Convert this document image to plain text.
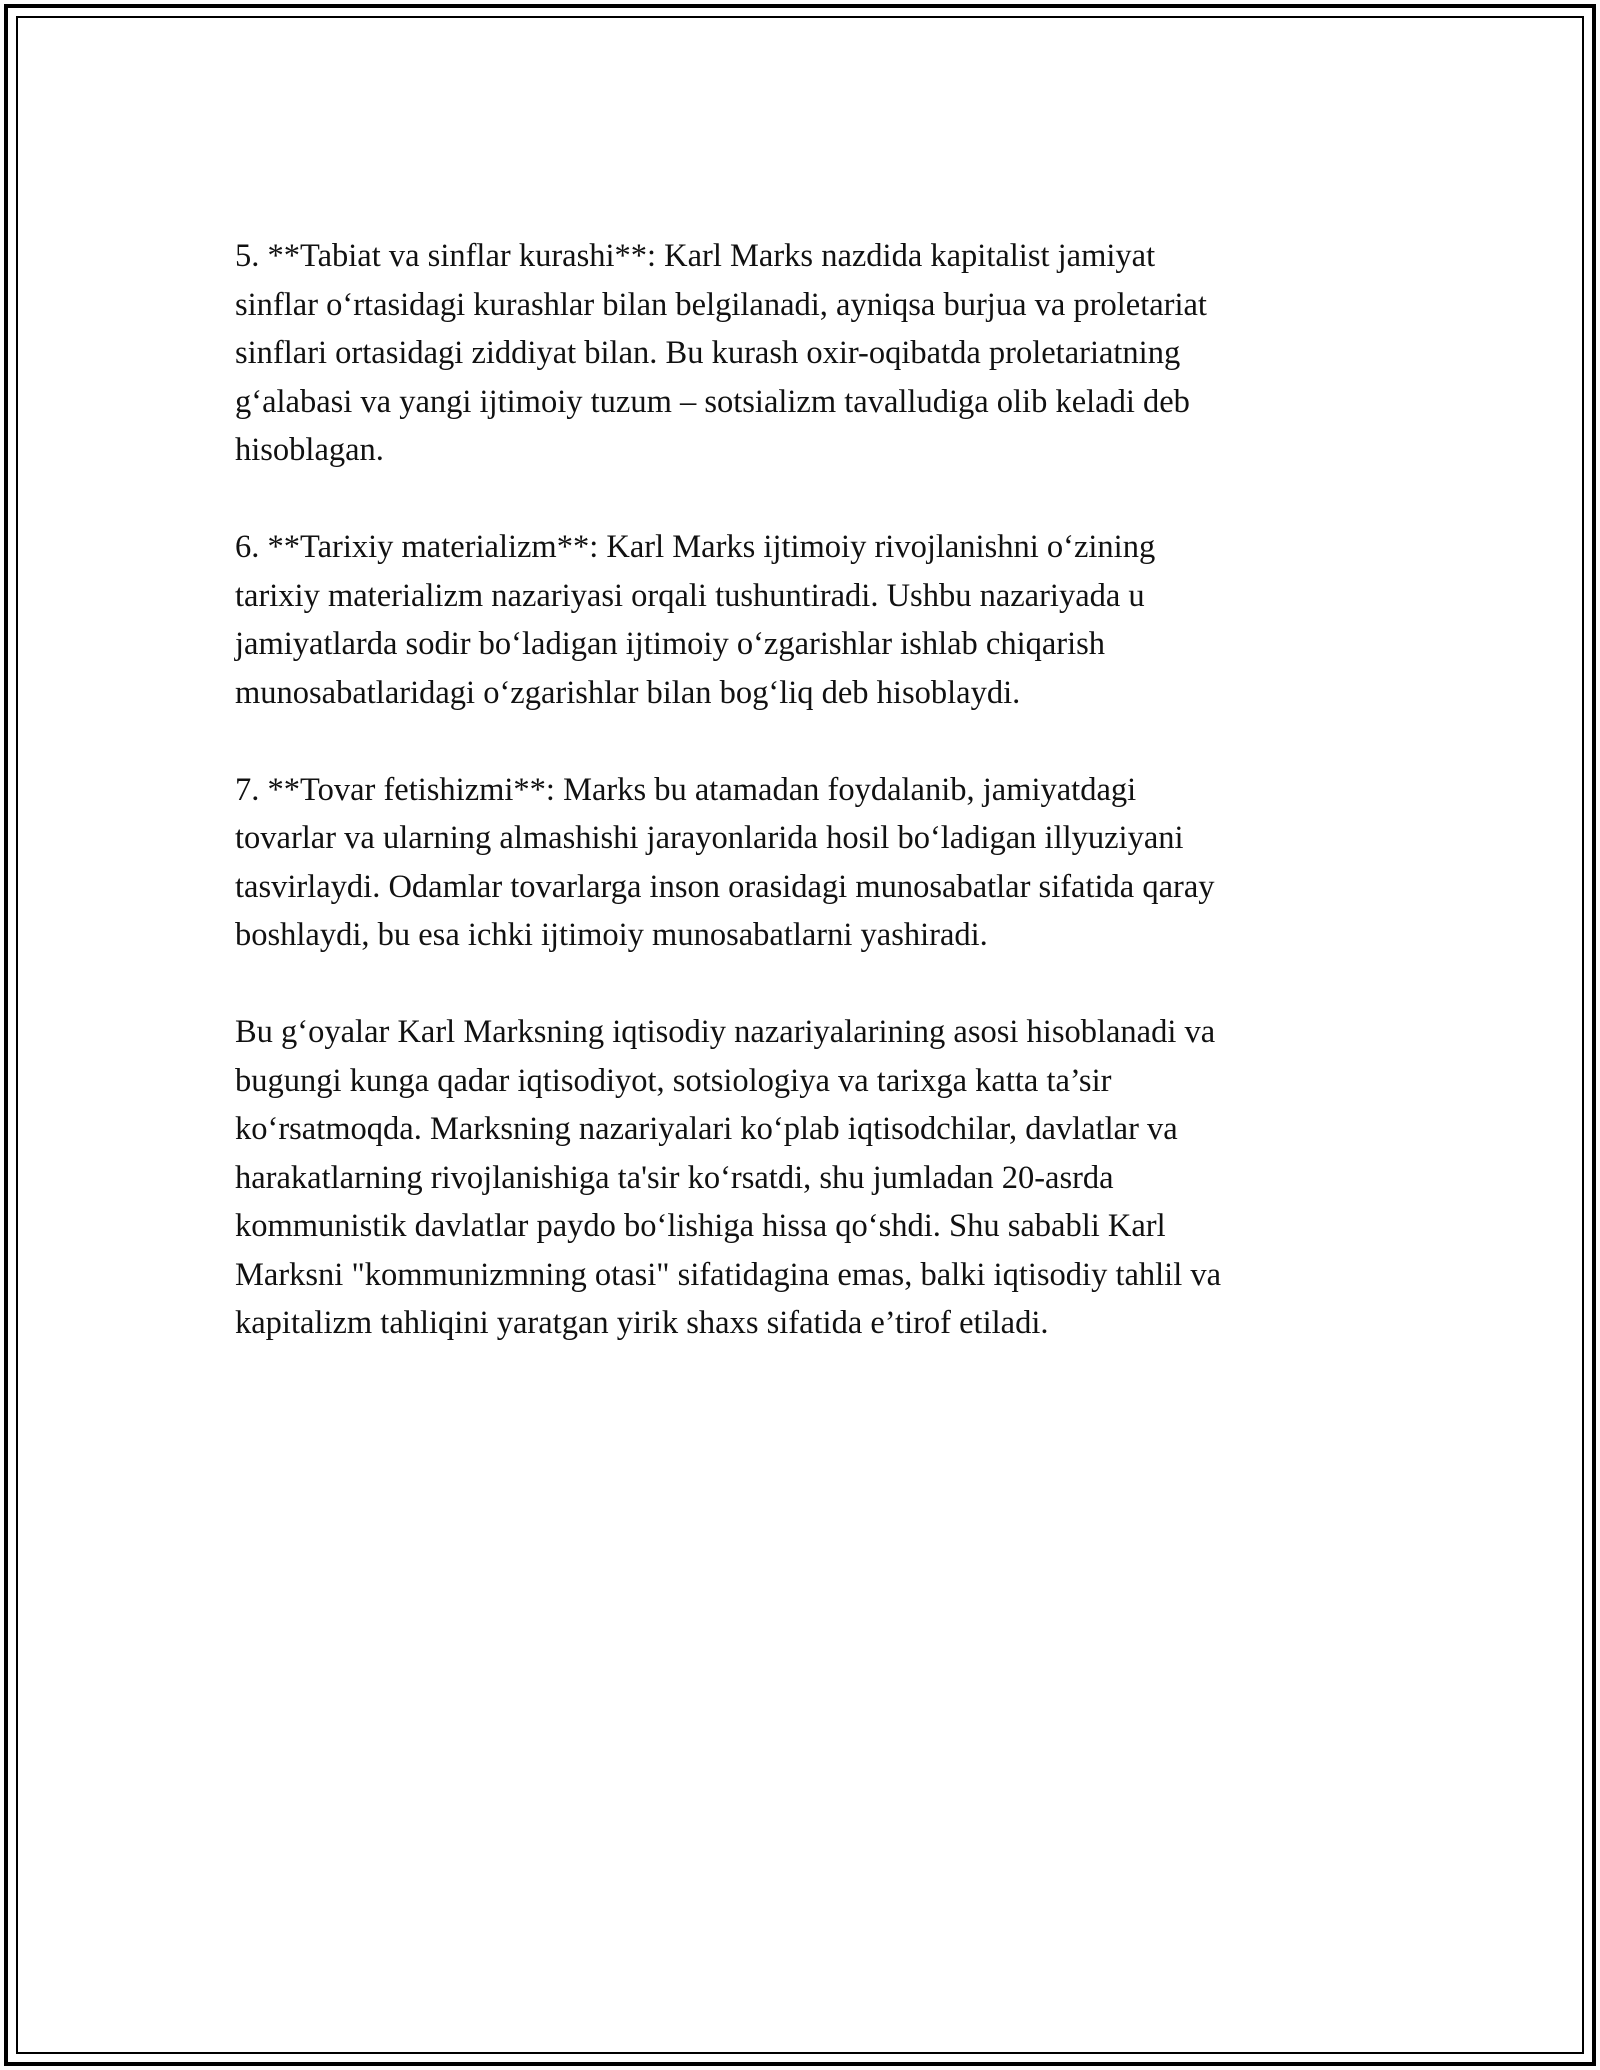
5. **Tabiat va sinflar kurashi**: Karl Marks nazdida kapitalist jamiyat
sinflar o‘rtasidagi kurashlar bilan belgilanadi, ayniqsa burjua va proletariat
sinflari ortasidagi ziddiyat bilan. Bu kurash oxir-oqibatda proletariatning
g‘alabasi va yangi ijtimoiy tuzum – sotsializm tavalludiga olib keladi deb
hisoblagan.

6. **Tarixiy materializm**: Karl Marks ijtimoiy rivojlanishni o‘zining
tarixiy materializm nazariyasi orqali tushuntiradi. Ushbu nazariyada u
jamiyatlarda sodir bo‘ladigan ijtimoiy o‘zgarishlar ishlab chiqarish
munosabatlaridagi o‘zgarishlar bilan bog‘liq deb hisoblaydi.

7. **Tovar fetishizmi**: Marks bu atamadan foydalanib, jamiyatdagi
tovarlar va ularning almashishi jarayonlarida hosil bo‘ladigan illyuziyani
tasvirlaydi. Odamlar tovarlarga inson orasidagi munosabatlar sifatida qaray
boshlaydi, bu esa ichki ijtimoiy munosabatlarni yashiradi.

Bu g‘oyalar Karl Marksning iqtisodiy nazariyalarining asosi hisoblanadi va
bugungi kunga qadar iqtisodiyot, sotsiologiya va tarixga katta ta’sir
ko‘rsatmoqda. Marksning nazariyalari ko‘plab iqtisodchilar, davlatlar va
harakatlarning rivojlanishiga ta'sir ko‘rsatdi, shu jumladan 20-asrda
kommunistik davlatlar paydo bo‘lishiga hissa qo‘shdi. Shu sababli Karl
Marksni "kommunizmning otasi" sifatidagina emas, balki iqtisodiy tahlil va
kapitalizm tahliqini yaratgan yirik shaxs sifatida e’tirof etiladi.
